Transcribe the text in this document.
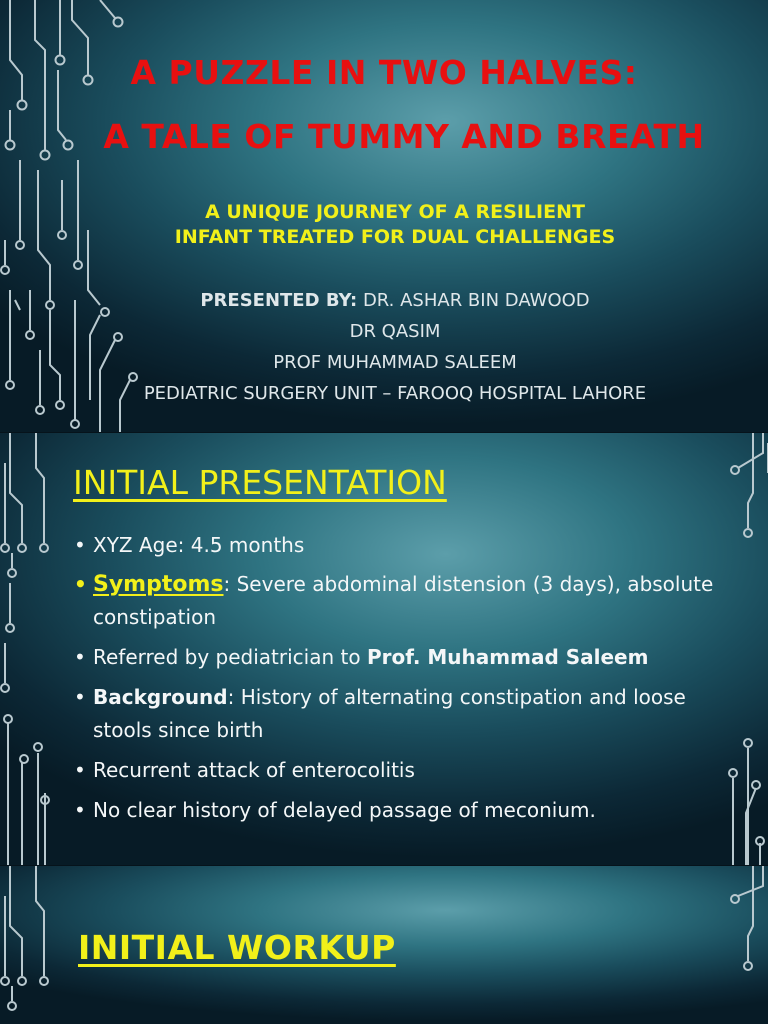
A PUZZLE IN TWO HALVES:
A TALE OF TUMMY AND BREATH

A UNIQUE JOURNEY OF A RESILIENT

INFANT TREATED FOR DUAL CHALLENGES

PRESENTED BY: DR. ASHAR BIN DAWOOD

DR QASIM

PROF MUHAMMAD SALEEM

PEDIATRIC SURGERY UNIT – FAROOQ HOSPITAL LAHORE

INITIAL PRESENTATION
• XYZ Age: 4.5 months
• Symptoms: Severe abdominal distension (3 days), absolute constipation
• Referred by pediatrician to Prof. Muhammad Saleem
• Background: History of alternating constipation and loose stools since birth
• Recurrent attack of enterocolitis
• No clear history of delayed passage of meconium.
INITIAL WORKUP
